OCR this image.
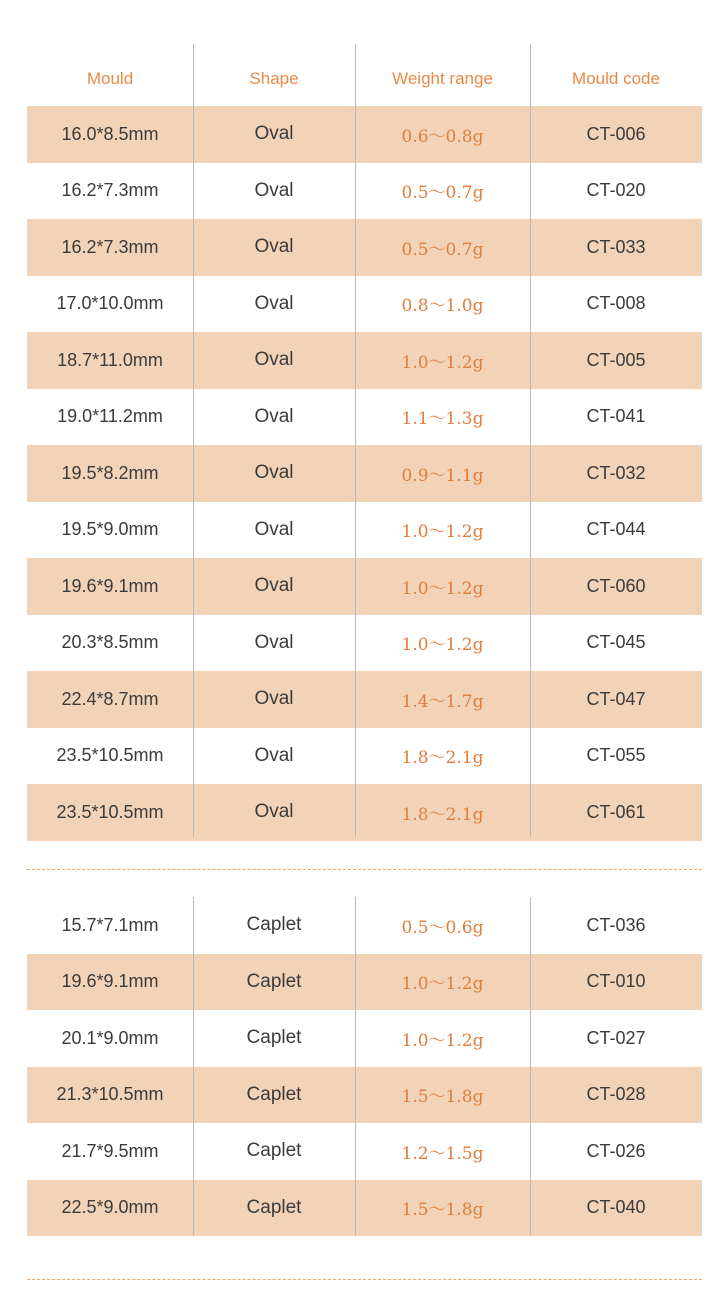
Mould	Shape	Weight range	Mould code
16.0*8.5mm	Oval	0.6～0.8g	CT-006
16.2*7.3mm	Oval	0.5～0.7g	CT-020
16.2*7.3mm	Oval	0.5～0.7g	CT-033
17.0*10.0mm	Oval	0.8～1.0g	CT-008
18.7*11.0mm	Oval	1.0～1.2g	CT-005
19.0*11.2mm	Oval	1.1～1.3g	CT-041
19.5*8.2mm	Oval	0.9～1.1g	CT-032
19.5*9.0mm	Oval	1.0～1.2g	CT-044
19.6*9.1mm	Oval	1.0～1.2g	CT-060
20.3*8.5mm	Oval	1.0～1.2g	CT-045
22.4*8.7mm	Oval	1.4～1.7g	CT-047
23.5*10.5mm	Oval	1.8～2.1g	CT-055
23.5*10.5mm	Oval	1.8～2.1g	CT-061
15.7*7.1mm	Caplet	0.5～0.6g	CT-036
19.6*9.1mm	Caplet	1.0～1.2g	CT-010
20.1*9.0mm	Caplet	1.0～1.2g	CT-027
21.3*10.5mm	Caplet	1.5～1.8g	CT-028
21.7*9.5mm	Caplet	1.2～1.5g	CT-026
22.5*9.0mm	Caplet	1.5～1.8g	CT-040
